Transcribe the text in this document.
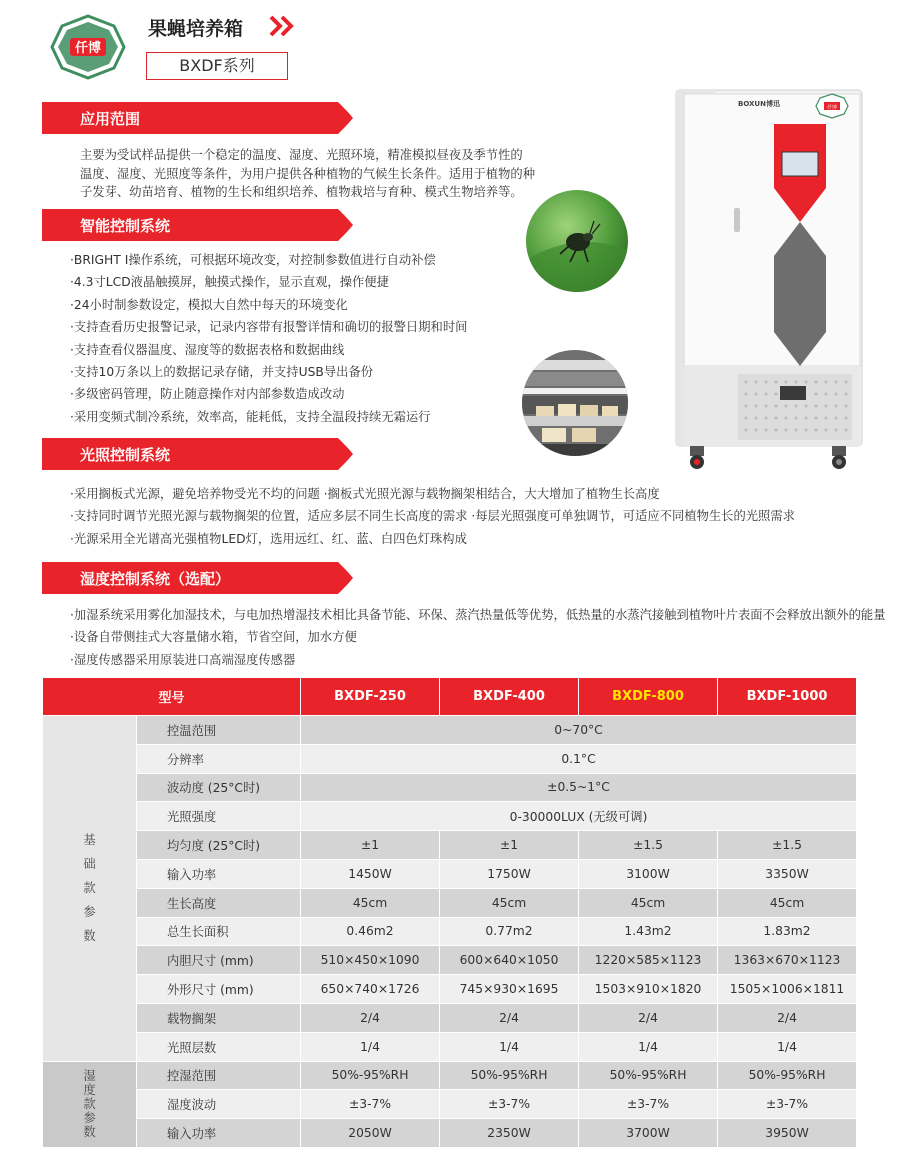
仟博
果蝇培养箱
BXDF系列
应用范围
主要为受试样品提供一个稳定的温度、湿度、光照环境，精准模拟昼夜及季节性的
温度、湿度、光照度等条件，为用户提供各种植物的气候生长条件。适用于植物的种
子发芽、幼苗培育、植物的生长和组织培养、植物栽培与育种、模式生物培养等。
智能控制系统
·BRIGHT I操作系统，可根据环境改变，对控制参数值进行自动补偿
·4.3寸LCD液晶触摸屏，触摸式操作，显示直观，操作便捷
·24小时制参数设定，模拟大自然中每天的环境变化
·支持查看历史报警记录，记录内容带有报警详情和确切的报警日期和时间
·支持查看仪器温度、湿度等的数据表格和数据曲线
·支持10万条以上的数据记录存储，并支持USB导出备份
·多级密码管理，防止随意操作对内部参数造成改动
·采用变频式制冷系统，效率高，能耗低，支持全温段持续无霜运行
光照控制系统
·采用搁板式光源，避免培养物受光不均的问题 ·搁板式光照光源与载物搁架相结合，大大增加了植物生长高度
·支持同时调节光照光源与载物搁架的位置，适应多层不同生长高度的需求 ·每层光照强度可单独调节，可适应不同植物生长的光照需求
·光源采用全光谱高光强植物LED灯，选用远红、红、蓝、白四色灯珠构成
湿度控制系统（选配）
·加湿系统采用雾化加湿技术，与电加热增湿技术相比具备节能、环保、蒸汽热量低等优势，低热量的水蒸汽接触到植物叶片表面不会释放出额外的能量
·设备自带侧挂式大容量储水箱，节省空间，加水方便
·湿度传感器采用原装进口高端湿度传感器
BOXUN博迅	仟博
型号		BXDF-250	BXDF-400	BXDF-800	BXDF-1000
基
础
款
参
数	控温范围	0~70°C			
	分辨率	0.1°C			
	波动度 (25°C时)	±0.5~1°C			
	光照强度	0-30000LUX (无级可调)			
	均匀度 (25°C时)	±1	±1	±1.5	±1.5
	输入功率	1450W	1750W	3100W	3350W
	生长高度	45cm	45cm	45cm	45cm
	总生长面积	0.46m2	0.77m2	1.43m2	1.83m2
	内胆尺寸 (mm)	510×450×1090	600×640×1050	1220×585×1123	1363×670×1123
	外形尺寸 (mm)	650×740×1726	745×930×1695	1503×910×1820	1505×1006×1811
	载物搁架	2/4	2/4	2/4	2/4
	光照层数	1/4	1/4	1/4	1/4
湿
度
款
参
数	控湿范围	50%-95%RH	50%-95%RH	50%-95%RH	50%-95%RH
	湿度波动	±3-7%	±3-7%	±3-7%	±3-7%
	输入功率	2050W	2350W	3700W	3950W
